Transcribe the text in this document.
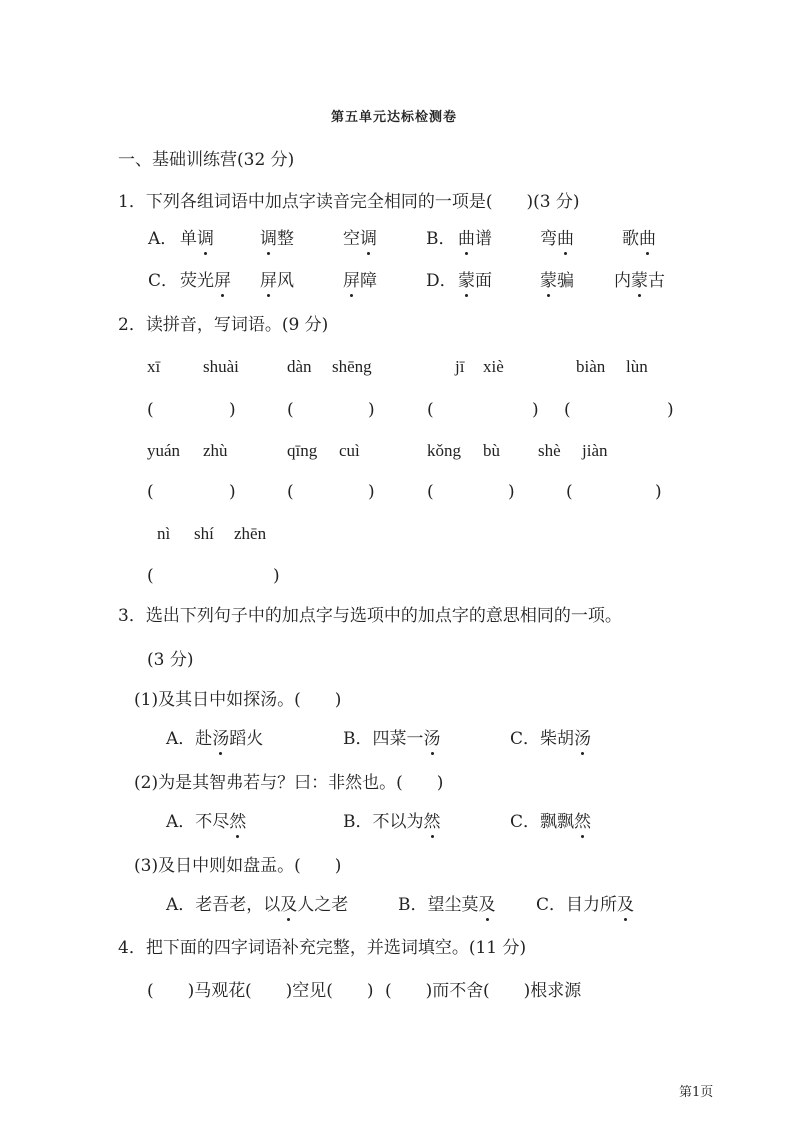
第五单元达标检测卷
一、基础训练营(32 分)
1．下列各组词语中加点字读音完全相同的一项是(　　)(3 分)
A． 单调	调整	空调	B． 曲谱	弯曲	歌曲
C． 荧光屏 屏风	屏障	D． 蒙面	蒙骗 内蒙古
2．读拼音，写词语。(9 分)
xī	shuài	dàn shēng	jī xiè	biàn lùn
(	)	(	)	(	) (	)
yuán zhù	qīng cuì	kǒng bù shè jiàn
(	)	(	)	(	)	(	)
nì shí zhēn
(	)
3．选出下列句子中的加点字与选项中的加点字的意思相同的一项。
(3 分)
(1)及其日中如探汤。(　　)
A．赴汤蹈火	B．四菜一汤	C．柴胡汤
(2)为是其智弗若与？曰：非然也。(　　)
A．不尽然	B．不以为然	C．飘飘然
(3)及日中则如盘盂。(　　)
A．老吾老，以及人之老	B．望尘莫及 C．目力所及
4．把下面的四字词语补充完整，并选词填空。(11 分)
(　　)马观花 (　　)空见(　　) (　　)而不舍 (　　)根求源
第1页
